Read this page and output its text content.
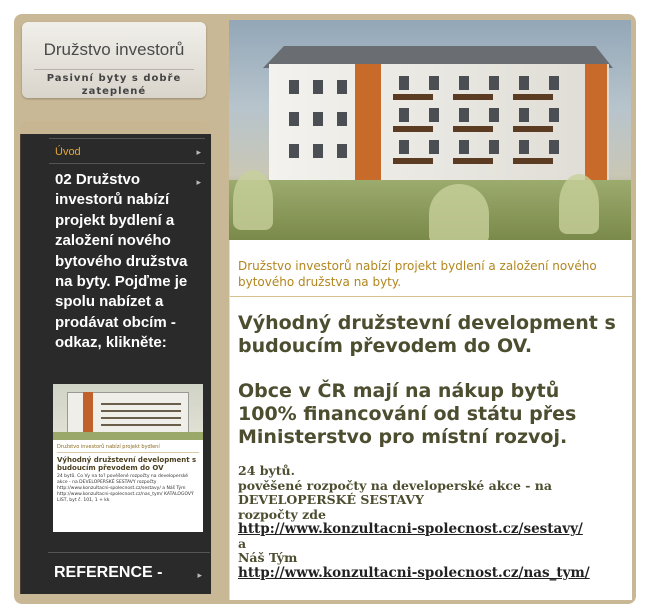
Družstvo investorů
Pasivní byty s dobře zateplené
Úvod	▸
02 Družstvo investorů nabízí projekt bydlení a založení nového bytového družstva na byty. Pojďme je spolu nabízet a prodávat obcím - odkaz, klikněte:
▸
Družstvo investorů nabízí projekt bydlení
Výhodný družstevní development s budoucím převodem do OV
24 bytů. Co Vy na to? pověšené rozpočty na developerské akce - na DEVELOPERSKÉ SESTAVY rozpočty http://www.konzultacni-spolecnost.cz/sestavy/ a Náš Tým http://www.konzultacni-spolecnost.cz/nas_tym/ KATALOGOVÝ LIST, byt č. 101, 1 + kk
REFERENCE -	▸
Družstvo investorů nabízí projekt bydlení a založení nového bytového družstva na byty.
Výhodný družstevní development s budoucím převodem do OV.
Obce v ČR mají na nákup bytů 100% financování od státu přes Ministerstvo pro místní rozvoj.
24 bytů.
pověšené rozpočty na developerské akce - na
DEVELOPERSKÉ SESTAVY
rozpočty zde
http://www.konzultacni-spolecnost.cz/sestavy/
a
Náš Tým
http://www.konzultacni-spolecnost.cz/nas_tym/
